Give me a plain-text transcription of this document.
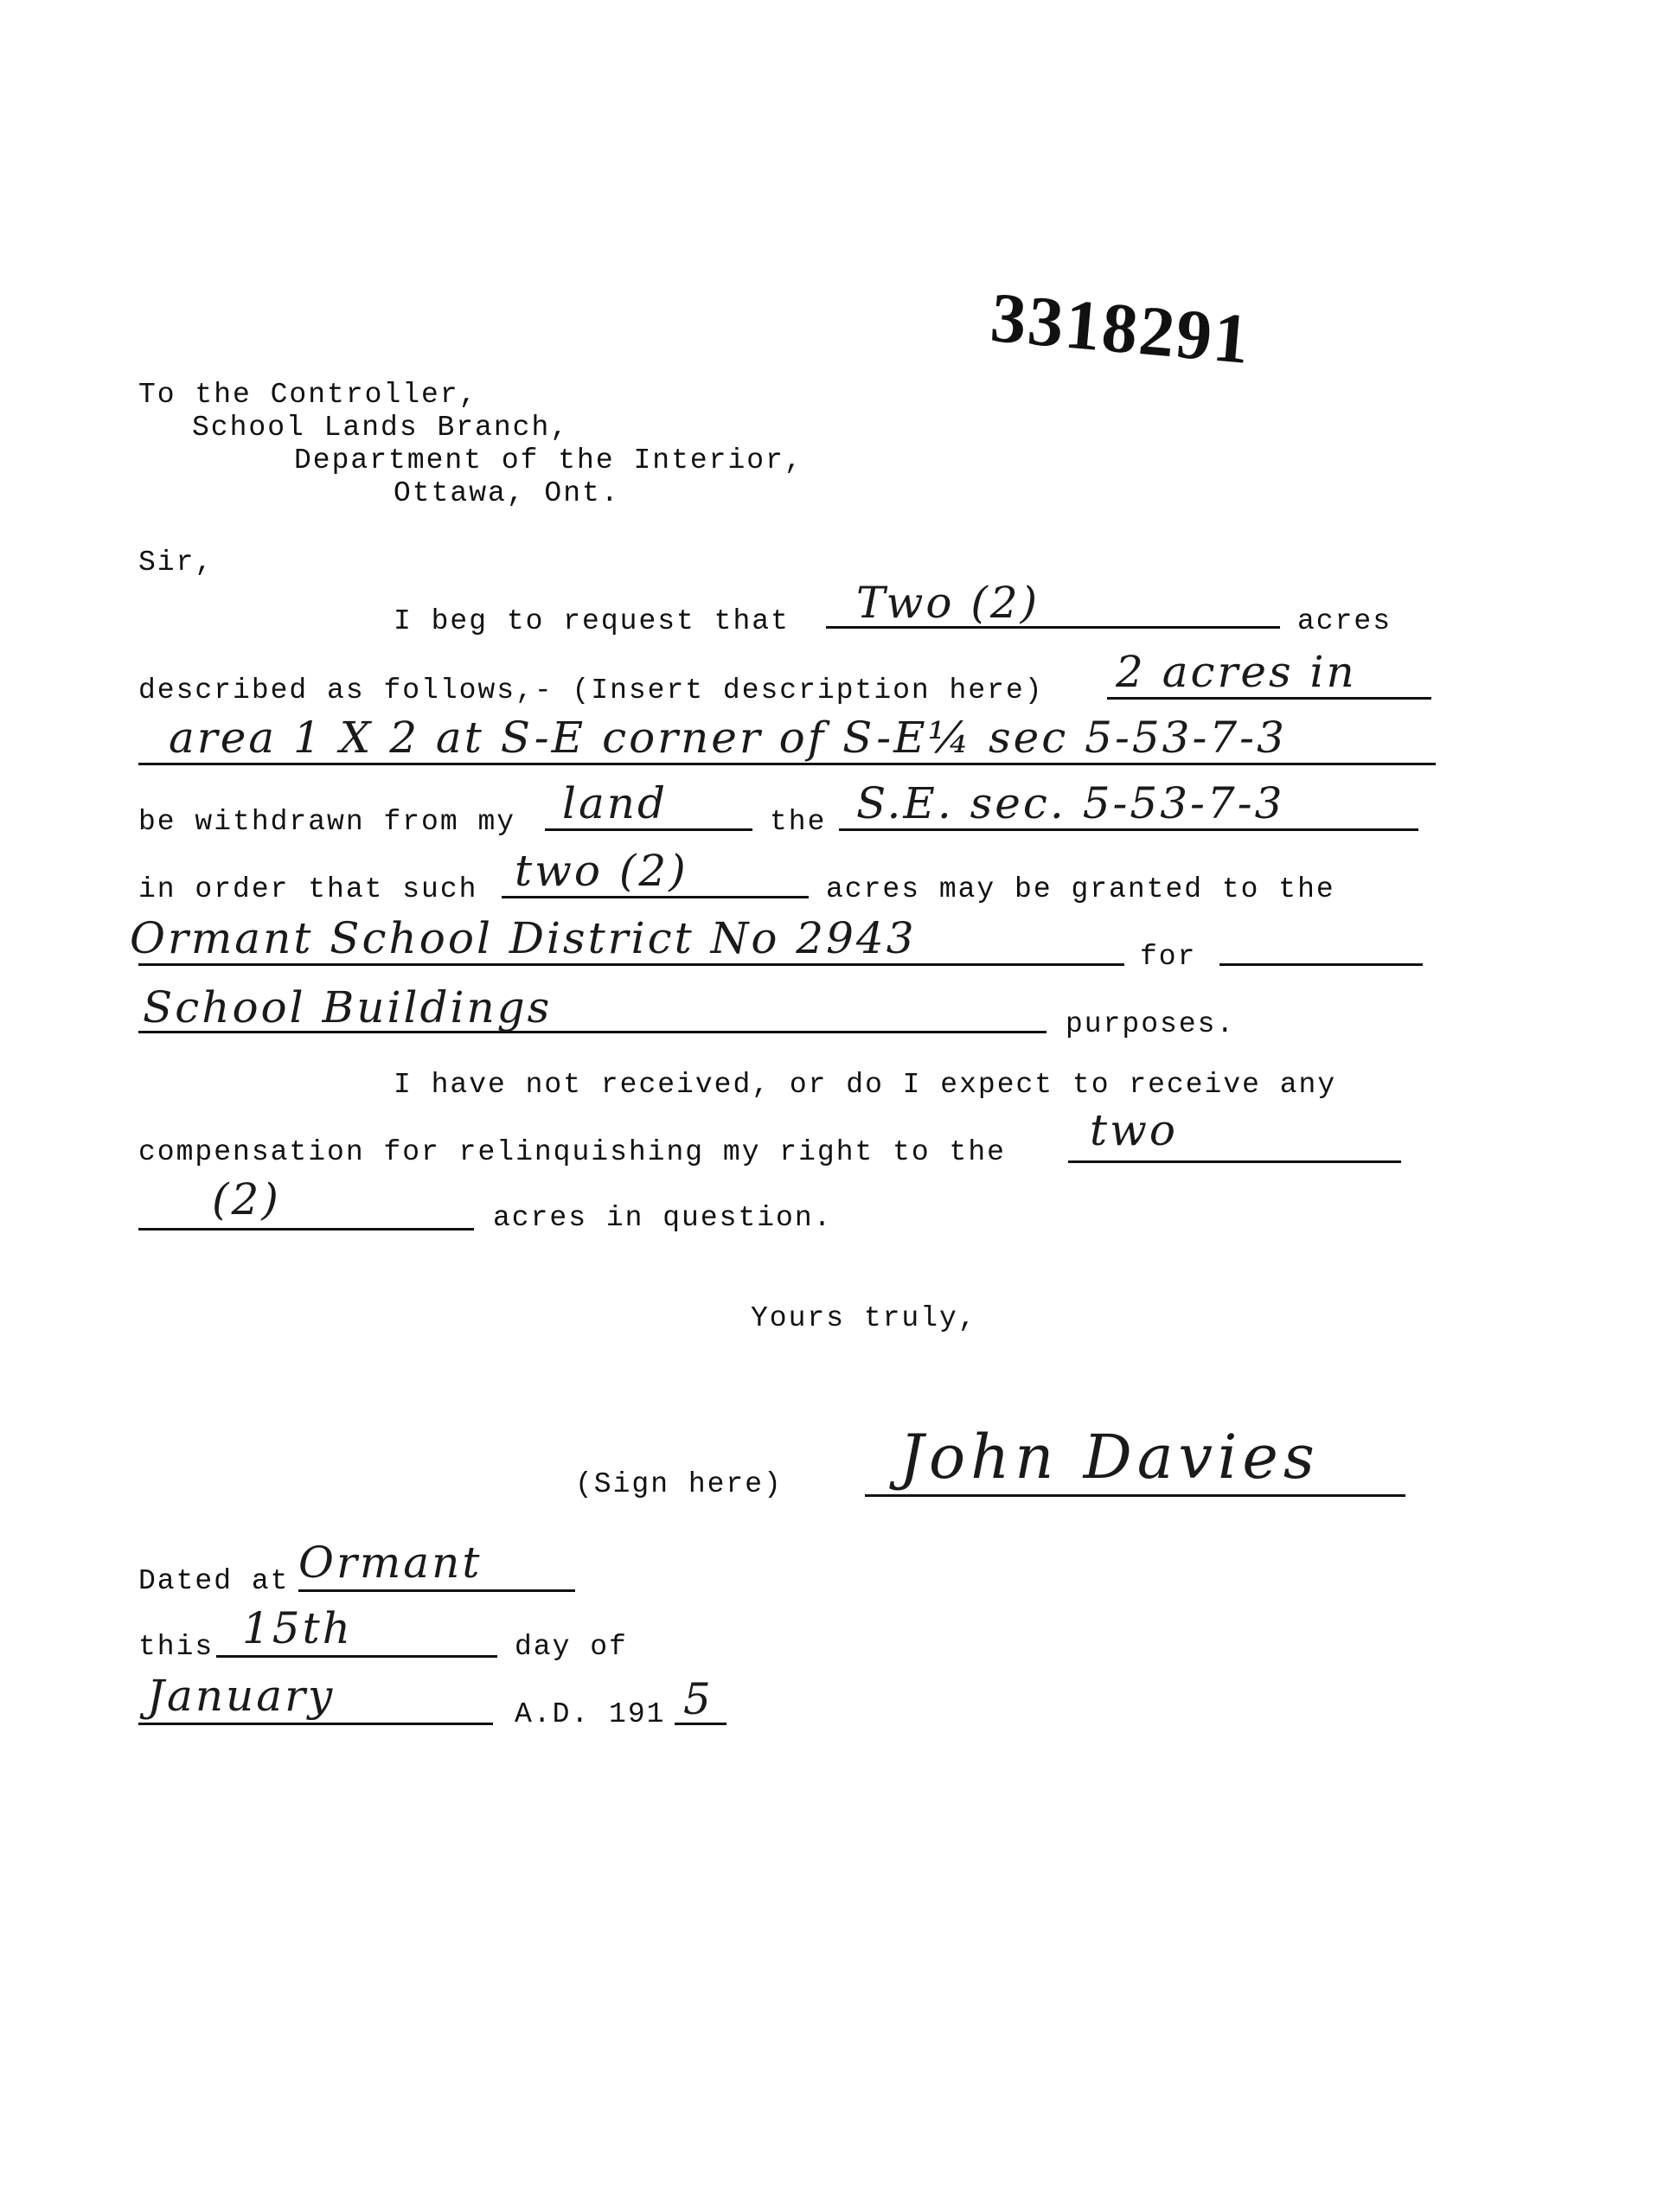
3318291
To the Controller,
School Lands Branch,
Department of the Interior,
Ottawa, Ont.
Sir,
I beg to request that Two (2)	acres
described as follows,- (Insert description here) 2 acres in
area 1 X 2 at S-E corner of S-E¼ sec 5-53-7-3
be withdrawn from my land	the S.E. sec. 5-53-7-3
in order that such two (2)	acres may be granted to the
Ormant School District No 2943	for
School Buildings	purposes.
I have not received, or do I expect to receive any
compensation for relinquishing my right to the two
(2)	acres in question.
Yours truly,
(Sign here) John Davies
Dated at Ormant
this 15th	day of
January	A.D. 191 5
